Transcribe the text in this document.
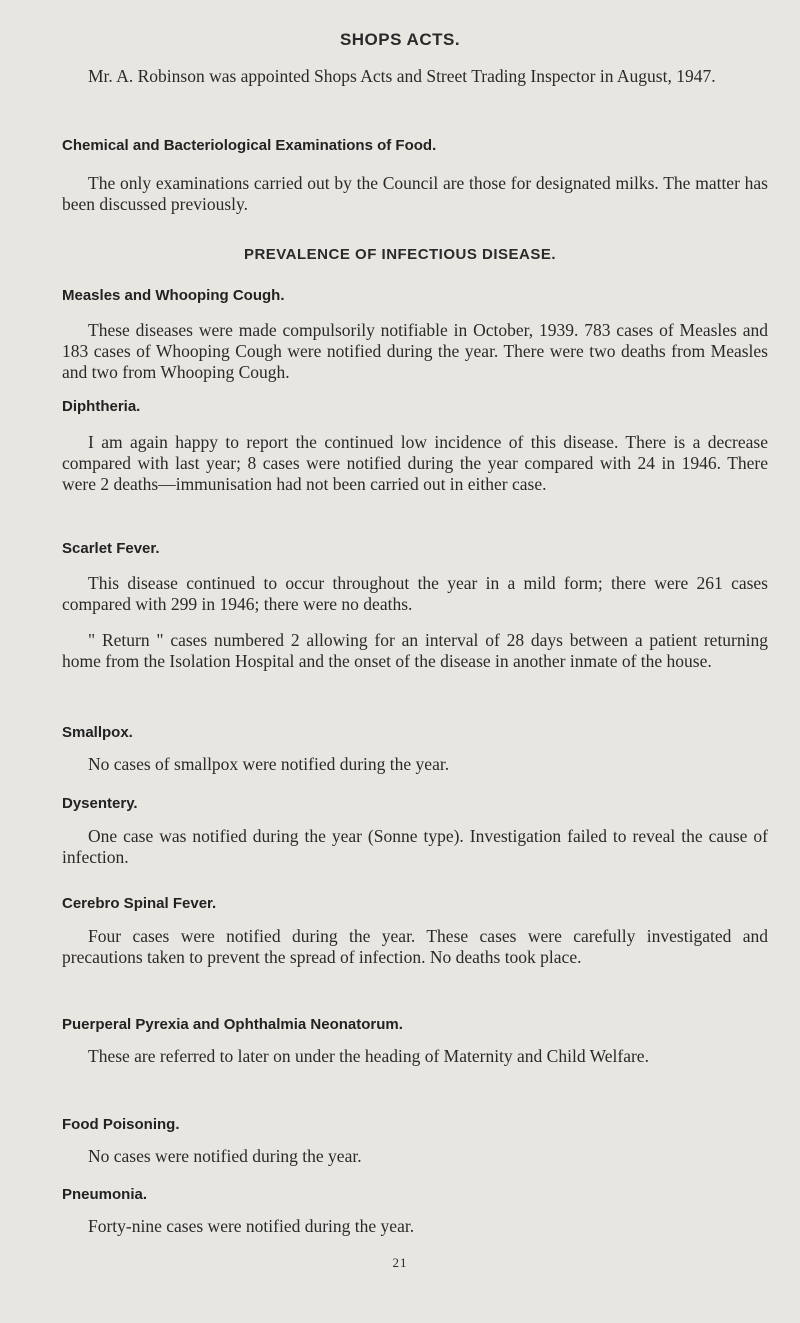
SHOPS ACTS.
Mr. A. Robinson was appointed Shops Acts and Street Trading Inspector in August, 1947.
Chemical and Bacteriological Examinations of Food.
The only examinations carried out by the Council are those for designated milks. The matter has been discussed previously.
PREVALENCE OF INFECTIOUS DISEASE.
Measles and Whooping Cough.
These diseases were made compulsorily notifiable in October, 1939. 783 cases of Measles and 183 cases of Whooping Cough were notified during the year. There were two deaths from Measles and two from Whooping Cough.
Diphtheria.
I am again happy to report the continued low incidence of this disease. There is a decrease compared with last year; 8 cases were notified during the year compared with 24 in 1946. There were 2 deaths—immunisation had not been carried out in either case.
Scarlet Fever.
This disease continued to occur throughout the year in a mild form; there were 261 cases compared with 299 in 1946; there were no deaths.
" Return " cases numbered 2 allowing for an interval of 28 days between a patient returning home from the Isolation Hospital and the onset of the disease in another inmate of the house.
Smallpox.
No cases of smallpox were notified during the year.
Dysentery.
One case was notified during the year (Sonne type). Investigation failed to reveal the cause of infection.
Cerebro Spinal Fever.
Four cases were notified during the year. These cases were carefully investigated and precautions taken to prevent the spread of infection. No deaths took place.
Puerperal Pyrexia and Ophthalmia Neonatorum.
These are referred to later on under the heading of Maternity and Child Welfare.
Food Poisoning.
No cases were notified during the year.
Pneumonia.
Forty-nine cases were notified during the year.
21
